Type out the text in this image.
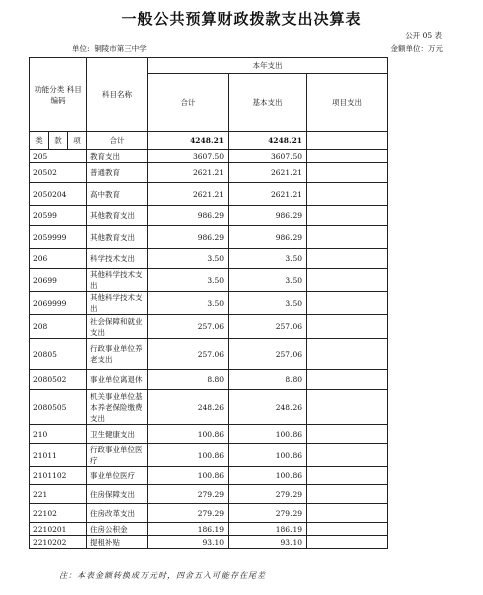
一般公共预算财政拨款支出决算表
公开 05 表
单位: 铜陵市第三中学	金额单位：万元
功能分类 科目编码			科目名称	本年支出		
				合计	基本支出	项目支出
类	款	项	合计	4248.21	4248.21	
205			教育支出	3607.50	3607.50	
20502			普通教育	2621.21	2621.21	
2050204			高中教育	2621.21	2621.21	
20599			其他教育支出	986.29	986.29	
2059999			其他教育支出	986.29	986.29	
206			科学技术支出	3.50	3.50	
20699			其他科学技术支出	3.50	3.50	
2069999			其他科学技术支出	3.50	3.50	
208			社会保障和就业支出	257.06	257.06	
20805			行政事业单位养老支出	257.06	257.06	
2080502			事业单位离退休	8.80	8.80	
2080505			机关事业单位基本养老保险缴费支出	248.26	248.26	
210			卫生健康支出	100.86	100.86	
21011			行政事业单位医疗	100.86	100.86	
2101102			事业单位医疗	100.86	100.86	
221			住房保障支出	279.29	279.29	
22102			住房改革支出	279.29	279.29	
2210201			住房公积金	186.19	186.19	
2210202			提租补贴	93.10	93.10	
注：本表金额转换成万元时，四舍五入可能存在尾差
